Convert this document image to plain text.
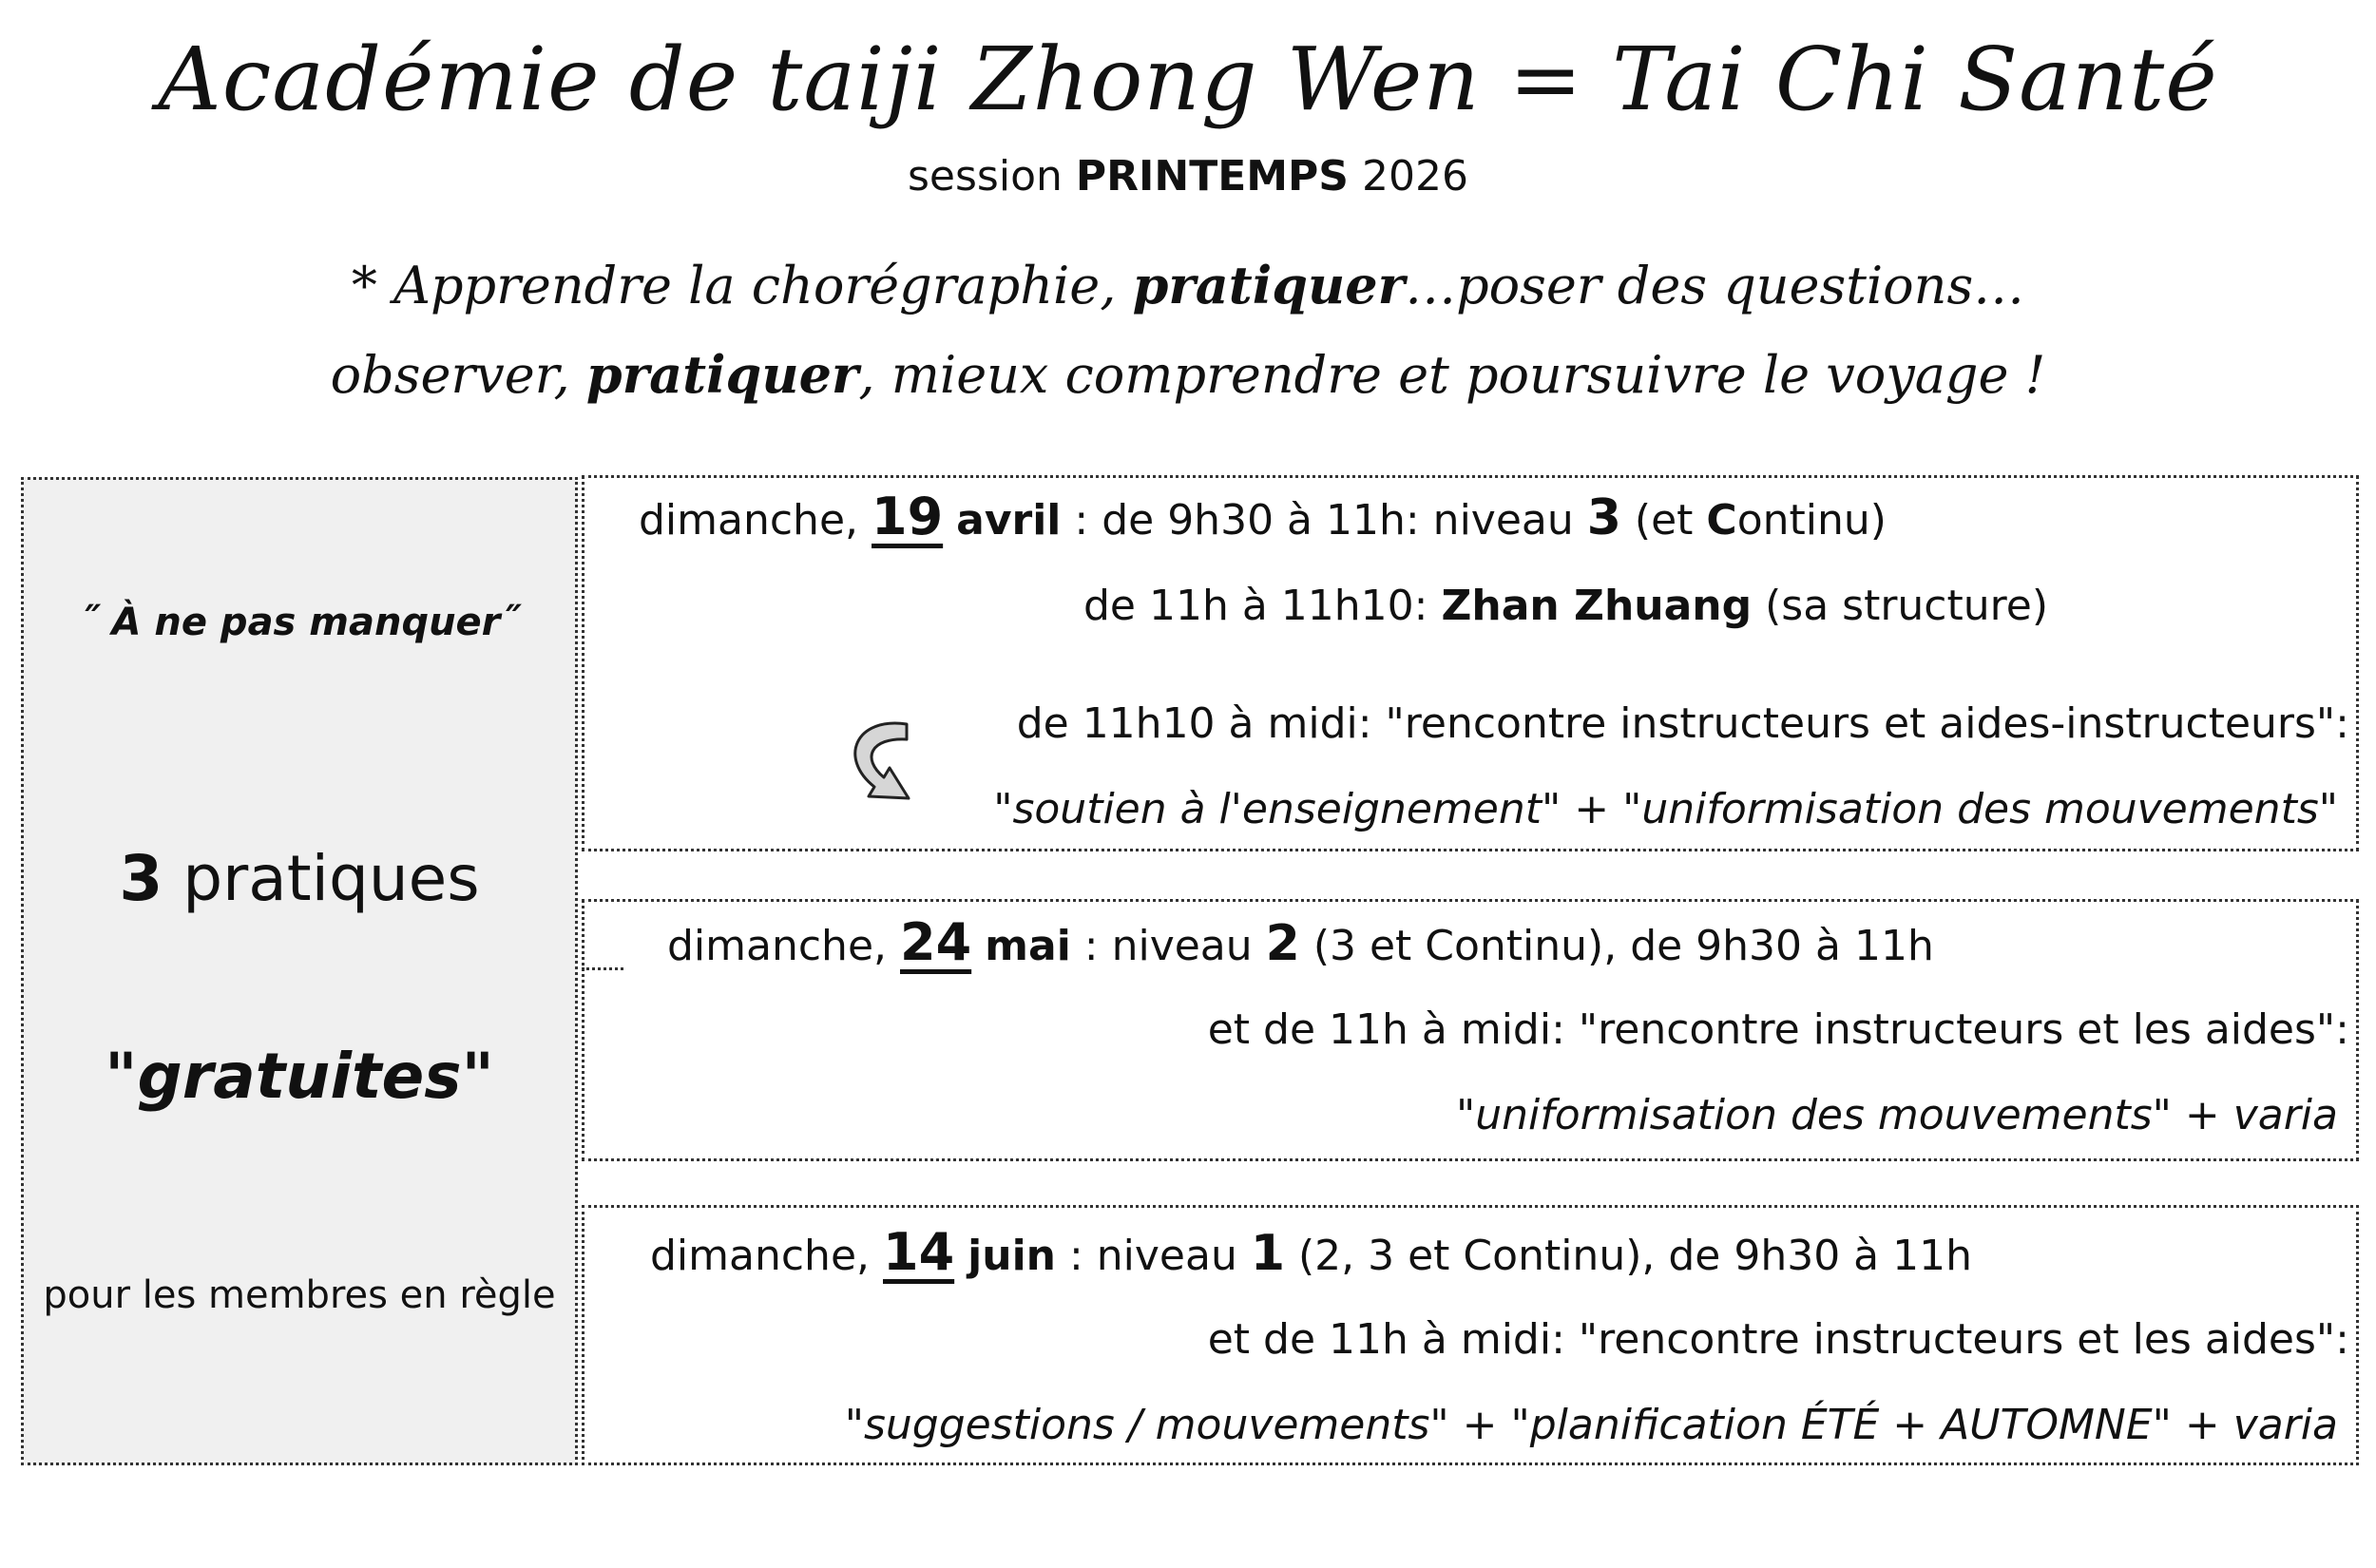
Académie de taiji Zhong Wen = Tai Chi Santé
session PRINTEMPS 2026
* Apprendre la chorégraphie, pratiquer…poser des questions…
observer, pratiquer, mieux comprendre et poursuivre le voyage !
˝ À ne pas manquer˝
3 pratiques
"gratuites"
pour les membres en règle
dimanche, 19 avril : de 9h30 à 11h: niveau 3 (et Continu)
de 11h à 11h10: Zhan Zhuang (sa structure)
de 11h10 à midi: "rencontre instructeurs et aides-instructeurs":
"soutien à l'enseignement" + "uniformisation des mouvements"
dimanche, 24 mai : niveau 2 (3 et Continu), de 9h30 à 11h
et de 11h à midi: "rencontre instructeurs et les aides":
"uniformisation des mouvements" + varia
dimanche, 14 juin : niveau 1 (2, 3 et Continu), de 9h30 à 11h
et de 11h à midi: "rencontre instructeurs et les aides":
"suggestions / mouvements" + "planification ÉTÉ + AUTOMNE" + varia
